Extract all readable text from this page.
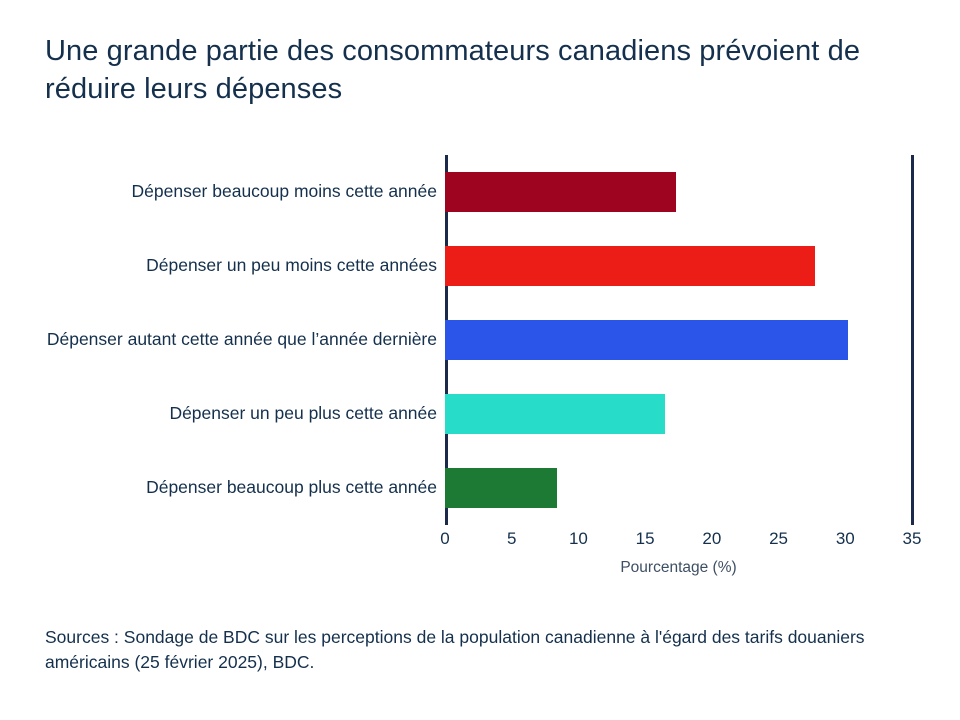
Une grande partie des consommateurs canadiens prévoient de réduire leurs dépenses
Dépenser beaucoup moins cette année
Dépenser un peu moins cette années
Dépenser autant cette année que l’année dernière
Dépenser un peu plus cette année
Dépenser beaucoup plus cette année
0	5	10	15	20	25	30	35
Pourcentage (%)
Sources : Sondage de BDC sur les perceptions de la population canadienne à l'égard des tarifs douaniers américains (25 février 2025), BDC.
